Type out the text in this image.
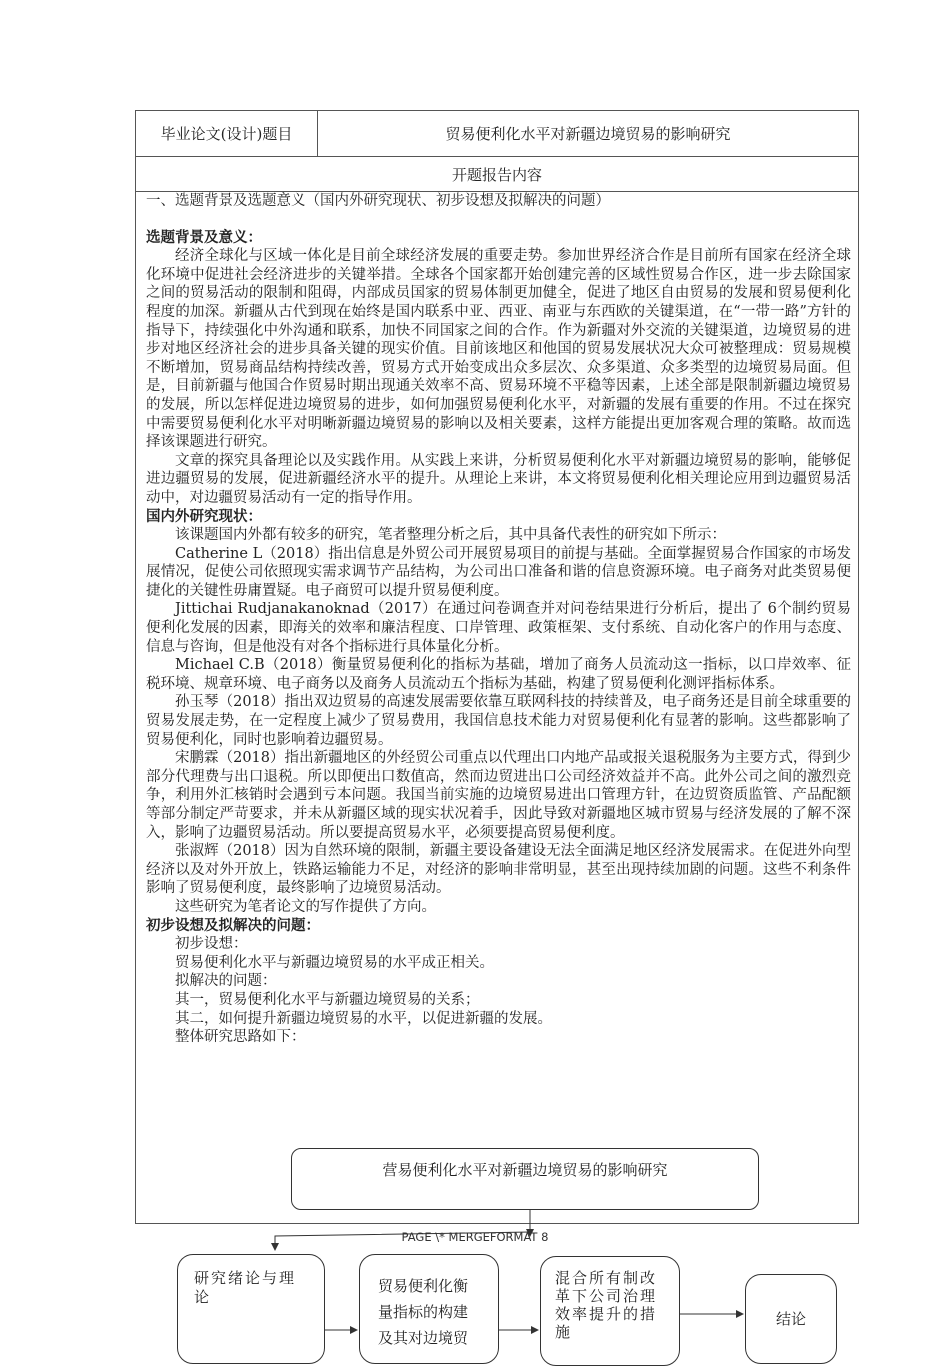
毕业论文(设计)题目	贸易便利化水平对新疆边境贸易的影响研究
开题报告内容

一、选题背景及选题意义（国内外研究现状、初步设想及拟解决的问题）

选题背景及意义：

经济全球化与区域一体化是目前全球经济发展的重要走势。参加世界经济合作是目前所有国家在经济全球化环境中促进社会经济进步的关键举措。全球各个国家都开始创建完善的区域性贸易合作区，进一步去除国家之间的贸易活动的限制和阻碍，内部成员国家的贸易体制更加健全，促进了地区自由贸易的发展和贸易便利化程度的加深。新疆从古代到现在始终是国内联系中亚、西亚、南亚与东西欧的关键渠道，在“一带一路”方针的指导下，持续强化中外沟通和联系，加快不同国家之间的合作。作为新疆对外交流的关键渠道，边境贸易的进步对地区经济社会的进步具备关键的现实价值。目前该地区和他国的贸易发展状况大众可被整理成：贸易规模不断增加，贸易商品结构持续改善，贸易方式开始变成出众多层次、众多渠道、众多类型的边境贸易局面。但是，目前新疆与他国合作贸易时期出现通关效率不高、贸易环境不平稳等因素，上述全部是限制新疆边境贸易的发展，所以怎样促进边境贸易的进步，如何加强贸易便利化水平，对新疆的发展有重要的作用。不过在探究中需要贸易便利化水平对明晰新疆边境贸易的影响以及相关要素，这样方能提出更加客观合理的策略。故而选择该课题进行研究。

文章的探究具备理论以及实践作用。从实践上来讲，分析贸易便利化水平对新疆边境贸易的影响，能够促进边疆贸易的发展，促进新疆经济水平的提升。从理论上来讲，本文将贸易便利化相关理论应用到边疆贸易活动中，对边疆贸易活动有一定的指导作用。

国内外研究现状：

该课题国内外都有较多的研究，笔者整理分析之后，其中具备代表性的研究如下所示：

Catherine L（2018）指出信息是外贸公司开展贸易项目的前提与基础。全面掌握贸易合作国家的市场发展情况，促使公司依照现实需求调节产品结构，为公司出口准备和谐的信息资源环境。电子商务对此类贸易便捷化的关键性毋庸置疑。电子商贸可以提升贸易便利度。

Jittichai Rudjanakanoknad（2017）在通过问卷调查并对问卷结果进行分析后，提出了 6个制约贸易便利化发展的因素，即海关的效率和廉洁程度、口岸管理、政策框架、支付系统、自动化客户的作用与态度、信息与咨询，但是他没有对各个指标进行具体量化分析。

Michael C.B（2018）衡量贸易便利化的指标为基础，增加了商务人员流动这一指标，以口岸效率、征税环境、规章环境、电子商务以及商务人员流动五个指标为基础，构建了贸易便利化测评指标体系。

孙玉琴（2018）指出双边贸易的高速发展需要依靠互联网科技的持续普及，电子商务还是目前全球重要的贸易发展走势，在一定程度上减少了贸易费用，我国信息技术能力对贸易便利化有显著的影响。这些都影响了贸易便利化，同时也影响着边疆贸易。

宋鹏霖（2018）指出新疆地区的外经贸公司重点以代理出口内地产品或报关退税服务为主要方式，得到少部分代理费与出口退税。所以即便出口数值高，然而边贸进出口公司经济效益并不高。此外公司之间的激烈竞争，利用外汇核销时会遇到亏本问题。我国当前实施的边境贸易进出口管理方针，在边贸资质监管、产品配额等部分制定严苛要求，并未从新疆区域的现实状况着手，因此导致对新疆地区城市贸易与经济发展的了解不深入，影响了边疆贸易活动。所以要提高贸易水平，必须要提高贸易便利度。

张淑辉（2018）因为自然环境的限制，新疆主要设备建设无法全面满足地区经济发展需求。在促进外向型经济以及对外开放上，铁路运输能力不足，对经济的影响非常明显，甚至出现持续加剧的问题。这些不利条件影响了贸易便利度，最终影响了边境贸易活动。

这些研究为笔者论文的写作提供了方向。

初步设想及拟解决的问题：

初步设想：

贸易便利化水平与新疆边境贸易的水平成正相关。

拟解决的问题：

其一，贸易便利化水平与新疆边境贸易的关系；

其二，如何提升新疆边境贸易的水平，以促进新疆的发展。

整体研究思路如下：

营易便利化水平对新疆边境贸易的影响研究
PAGE \* MERGEFORMAT 8
研究绪论与理论
贸易便利化衡量指标的构建及其对边境贸
混合所有制改革下公司治理效率提升的措施
结论
